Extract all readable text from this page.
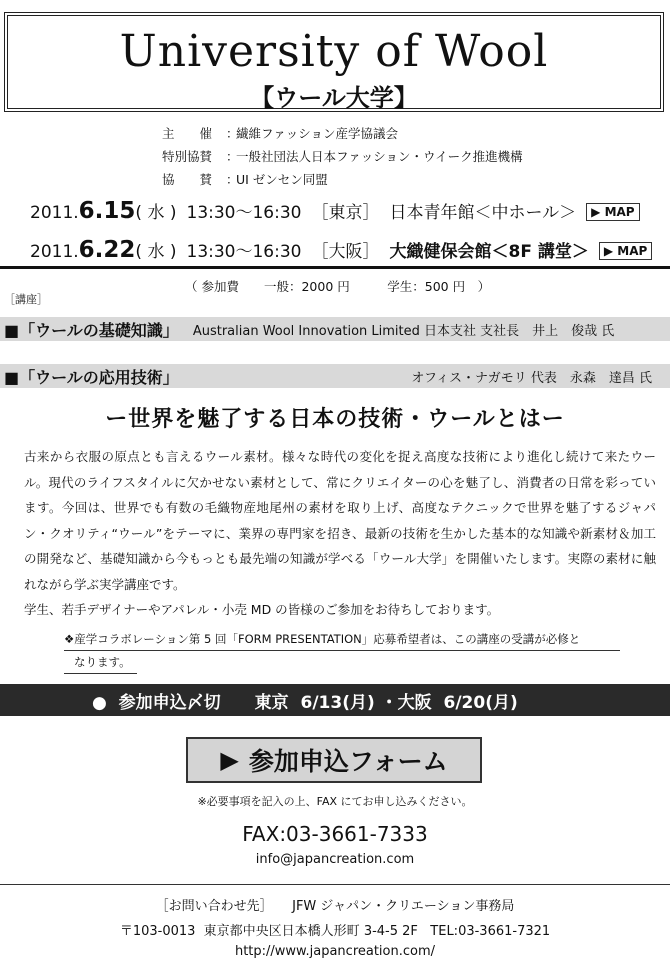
University of Wool
【ウール大学】
主　　催	：
繊維ファッション産学協議会
特別協賛	：
一般社団法人日本ファッション・ウイーク推進機構
協　　賛	：
UI ゼンセン同盟
2011. 6.15 ( 水 ) 13:30〜16:30 ［東京］ 日本青年館＜中ホール＞	▶ MAP
2011. 6.22 ( 水 ) 13:30〜16:30 ［大阪］ 大織健保会館＜8F 講堂＞	▶ MAP
（ 参加費　　一般：2000 円　　　学生：500 円　）
［講座］
■「ウールの基礎知識」 Australian Wool Innovation Limited 日本支社 支社長　井上　俊哉 氏
■「ウールの応用技術」	オフィス・ナガモリ 代表　永森　達昌 氏
ー世界を魅了する日本の技術・ウールとはー

古来から衣服の原点とも言えるウール素材。様々な時代の変化を捉え高度な技術により進化し続けて来たウール。現代のライフスタイルに欠かせない素材として、常にクリエイターの心を魅了し、消費者の日常を彩っています。今回は、世界でも有数の毛織物産地尾州の素材を取り上げ、高度なテクニックで世界を魅了するジャパン・クオリティ“ウール”をテーマに、業界の専門家を招き、最新の技術を生かした基本的な知識や新素材＆加工の開発など、基礎知識から今もっとも最先端の知識が学べる「ウール大学」を開催いたします。実際の素材に触れながら学ぶ実学講座です。

学生、若手デザイナーやアパレル・小売 MD の皆様のご参加をお待ちしております。

❖産学コラボレーション第 5 回「FORM PRESENTATION」応募希望者は、この講座の受講が必修と
なります。
●  参加申込〆切　　東京  6/13(月) ・大阪  6/20(月)
▶ 参加申込フォーム
※必要事項を記入の上、FAX にてお申し込みください。
FAX:03-3661-7333
info@japancreation.com
［お問い合わせ先］　　JFW ジャパン・クリエーション事務局
〒103-0013  東京都中央区日本橋人形町 3-4-5 2F   TEL:03-3661-7321
http://www.japancreation.com/
